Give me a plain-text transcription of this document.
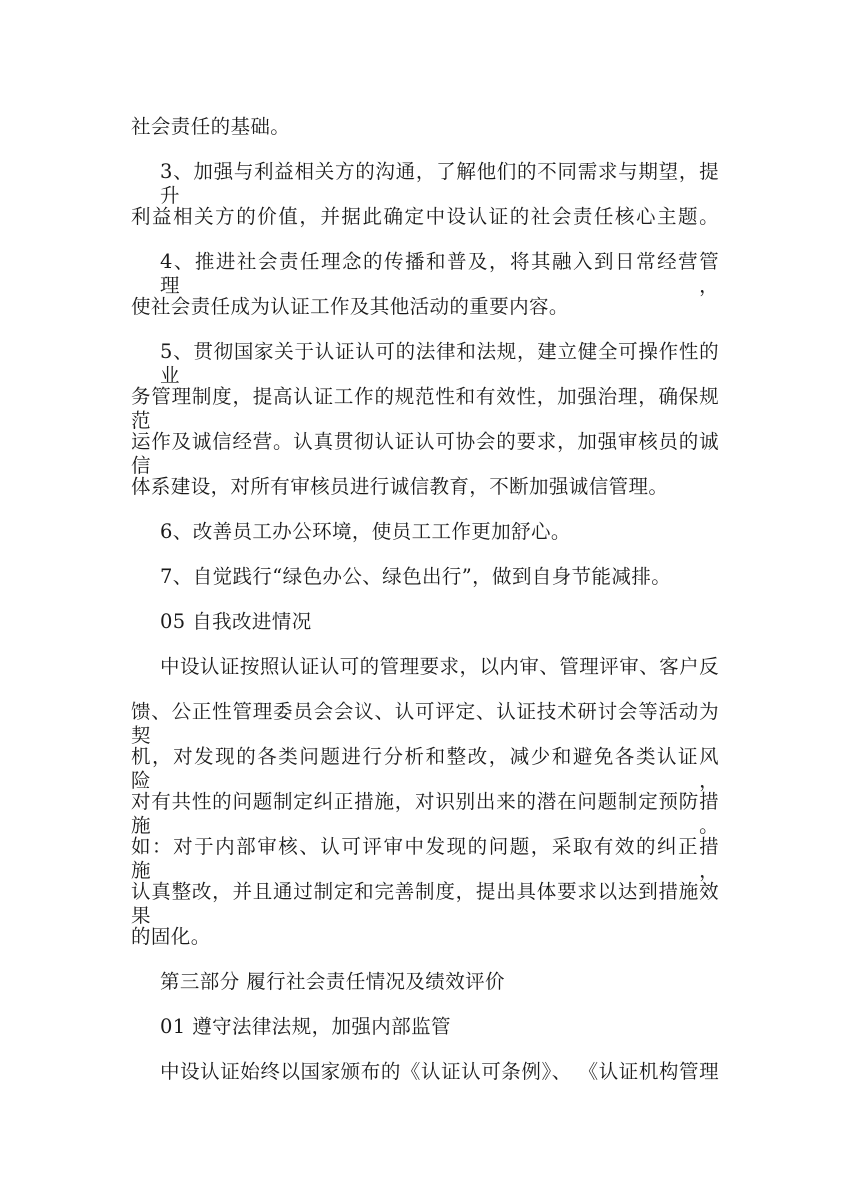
社会责任的基础。
3、加强与利益相关方的沟通，了解他们的不同需求与期望，提升
利益相关方的价值，并据此确定中设认证的社会责任核心主题。
4、推进社会责任理念的传播和普及，将其融入到日常经营管理，
使社会责任成为认证工作及其他活动的重要内容。
5、贯彻国家关于认证认可的法律和法规，建立健全可操作性的业
务管理制度，提高认证工作的规范性和有效性，加强治理，确保规 范
运作及诚信经营。认真贯彻认证认可协会的要求，加强审核员的诚信
体系建设，对所有审核员进行诚信教育，不断加强诚信管理。
6、改善员工办公环境，使员工工作更加舒心。
7、自觉践行“绿色办公、绿色出行”，做到自身节能减排。
05 自我改进情况
中设认证按照认证认可的管理要求，以内审、管理评审、客户反
馈、公正性管理委员会会议、认可评定、认证技术研讨会等活动为契
机，对发现的各类问题进行分析和整改，减少和避免各类认证风险，
对有共性的问题制定纠正措施，对识别出来的潜在问题制定预防措施。
如：对于内部审核、认可评审中发现的问题，采取有效的纠正措施，
认真整改，并且通过制定和完善制度，提出具体要求以达到措施效果
的固化。
第三部分 履行社会责任情况及绩效评价
01 遵守法律法规，加强内部监管
中设认证始终以国家颁布的《认证认可条例》、 《认证机构管理
